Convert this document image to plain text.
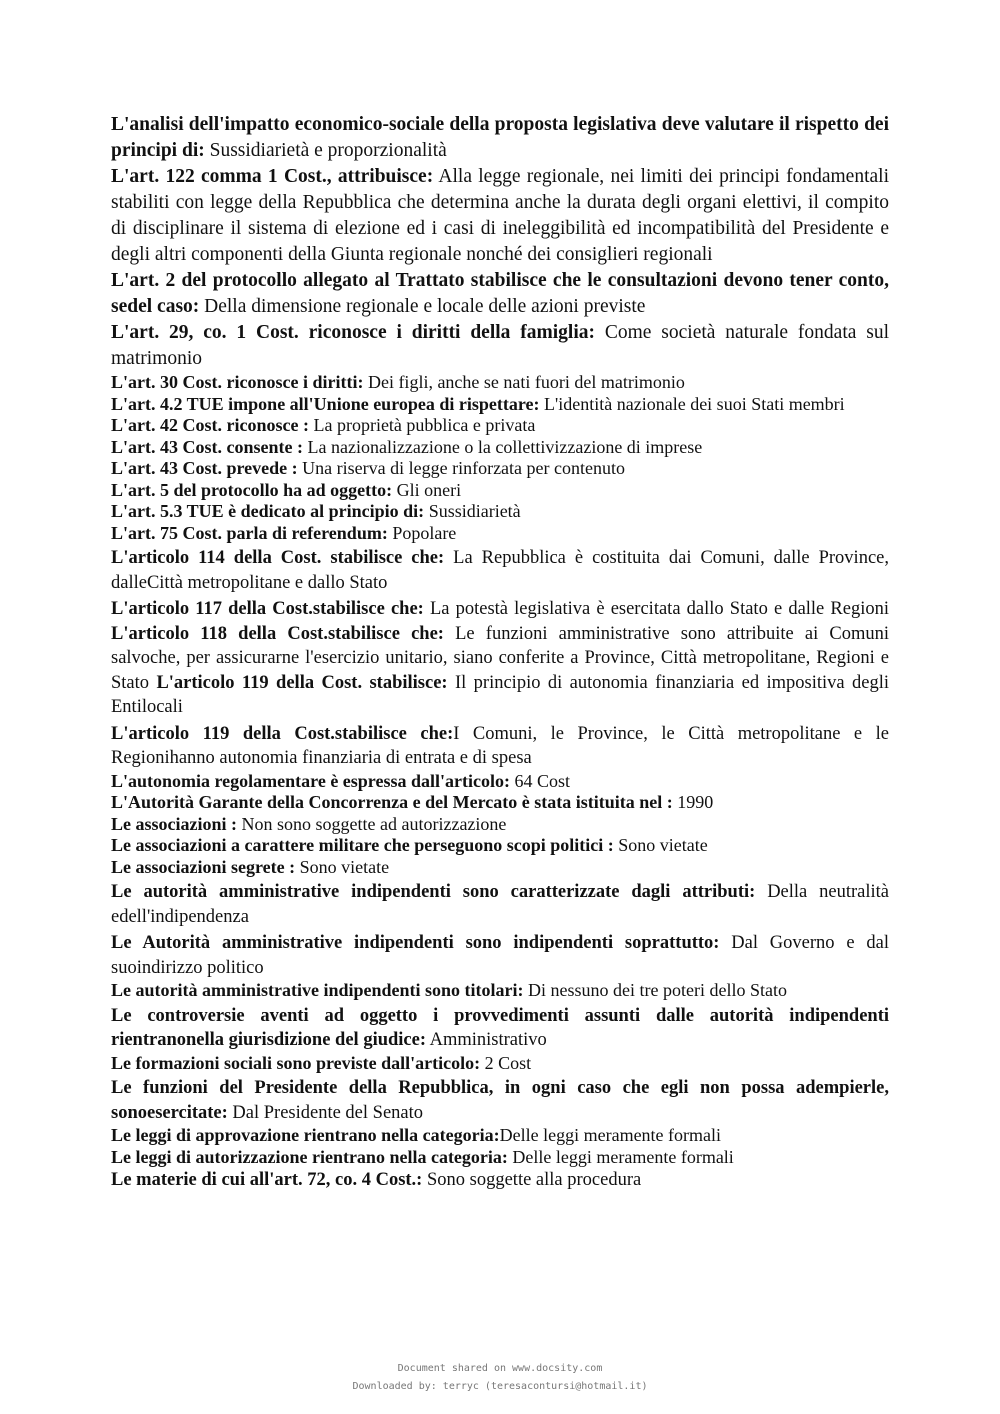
L'analisi dell'impatto economico-sociale della proposta legislativa deve valutare il rispetto dei principi di: Sussidiarietà e proporzionalità

L'art. 122 comma 1 Cost., attribuisce: Alla legge regionale, nei limiti dei principi fondamentali stabiliti con legge della Repubblica che determina anche la durata degli organi elettivi, il compito di disciplinare il sistema di elezione ed i casi di ineleggibilità ed incompatibilità del Presidente e degli altri componenti della Giunta regionale nonché dei consiglieri regionali

L'art. 2 del protocollo allegato al Trattato stabilisce che le consultazioni devono tener conto, sedel caso: Della dimensione regionale e locale delle azioni previste

L'art. 29, co. 1 Cost. riconosce i diritti della famiglia: Come società naturale fondata sul matrimonio

L'art. 30 Cost. riconosce i diritti: Dei figli, anche se nati fuori del matrimonio

L'art. 4.2 TUE impone all'Unione europea di rispettare: L'identità nazionale dei suoi Stati membri

L'art. 42 Cost. riconosce : La proprietà pubblica e privata

L'art. 43 Cost. consente : La nazionalizzazione o la collettivizzazione di imprese

L'art. 43 Cost. prevede : Una riserva di legge rinforzata per contenuto

L'art. 5 del protocollo ha ad oggetto: Gli oneri

L'art. 5.3 TUE è dedicato al principio di: Sussidiarietà

L'art. 75 Cost. parla di referendum: Popolare

L'articolo 114 della Cost. stabilisce che: La Repubblica è costituita dai Comuni, dalle Province, dalleCittà metropolitane e dallo Stato

L'articolo 117 della Cost.stabilisce che: La potestà legislativa è esercitata dallo Stato e dalle Regioni L'articolo 118 della Cost.stabilisce che: Le funzioni amministrative sono attribuite ai Comuni salvoche, per assicurarne l'esercizio unitario, siano conferite a Province, Città metropolitane, Regioni e Stato L'articolo 119 della Cost. stabilisce: Il principio di autonomia finanziaria ed impositiva degli Entilocali

L'articolo 119 della Cost.stabilisce che:I Comuni, le Province, le Città metropolitane e le Regionihanno autonomia finanziaria di entrata e di spesa

L'autonomia regolamentare è espressa dall'articolo: 64 Cost

L'Autorità Garante della Concorrenza e del Mercato è stata istituita nel : 1990

Le associazioni : Non sono soggette ad autorizzazione

Le associazioni a carattere militare che perseguono scopi politici : Sono vietate

Le associazioni segrete : Sono vietate

Le autorità amministrative indipendenti sono caratterizzate dagli attributi: Della neutralità edell'indipendenza

Le Autorità amministrative indipendenti sono indipendenti soprattutto: Dal Governo e dal suoindirizzo politico

Le autorità amministrative indipendenti sono titolari: Di nessuno dei tre poteri dello Stato

Le controversie aventi ad oggetto i provvedimenti assunti dalle autorità indipendenti rientranonella giurisdizione del giudice: Amministrativo

Le formazioni sociali sono previste dall'articolo: 2 Cost

Le funzioni del Presidente della Repubblica, in ogni caso che egli non possa adempierle, sonoesercitate: Dal Presidente del Senato

Le leggi di approvazione rientrano nella categoria:Delle leggi meramente formali

Le leggi di autorizzazione rientrano nella categoria: Delle leggi meramente formali

Le materie di cui all'art. 72, co. 4 Cost.: Sono soggette alla procedura

Document shared on www.docsity.com
Downloaded by: terryc (teresacontursi@hotmail.it)
